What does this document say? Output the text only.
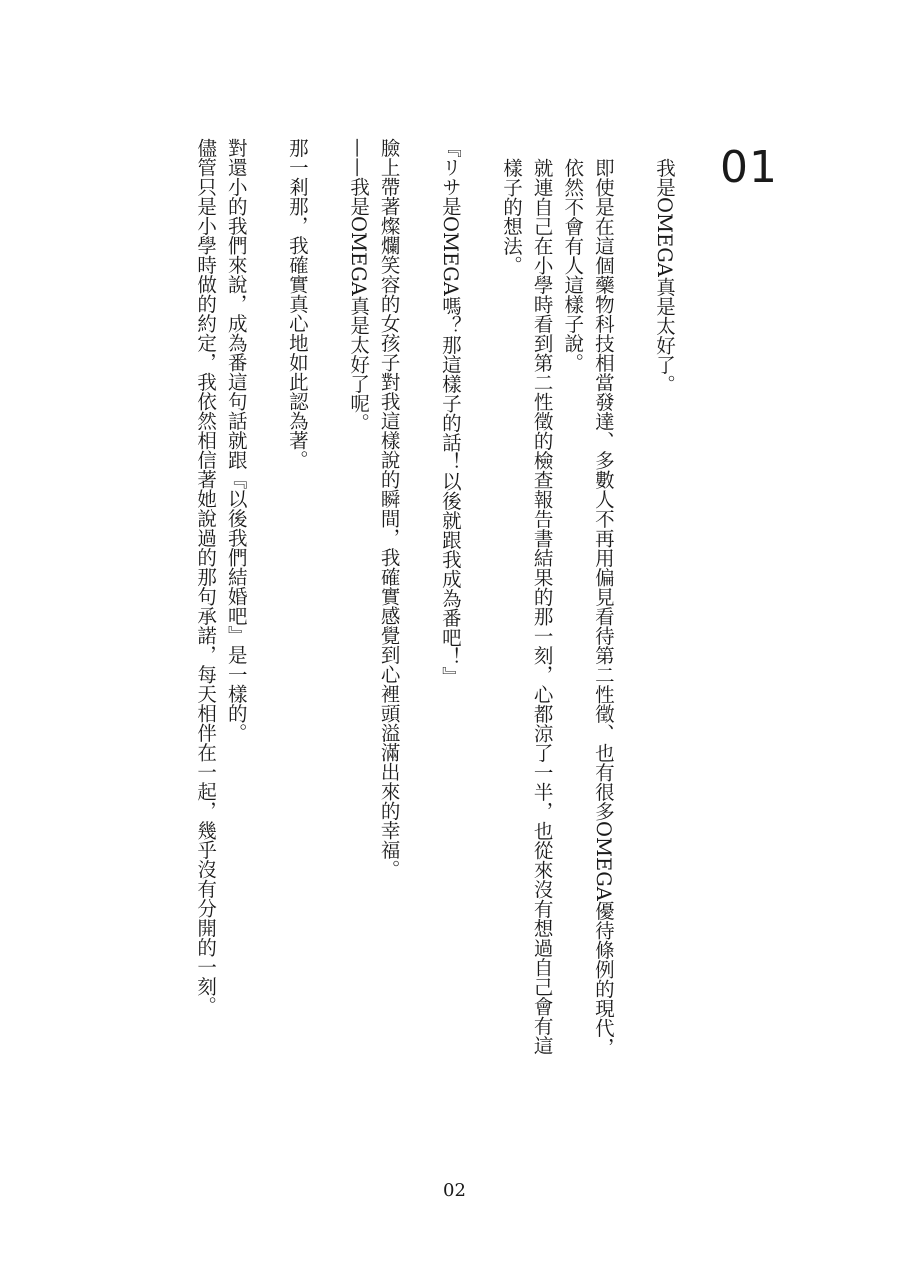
01

我是OMEGA真是太好了。

即使是在這個藥物科技相當發達、多數人不再用偏見看待第二性徵、也有很多OMEGA優待條例的現代，依然不會有人這樣子說。

就連自己在小學時看到第二性徵的檢查報告書結果的那一刻，心都涼了一半，也從來沒有想過自己會有這樣子的想法。

『リサ是OMEGA嗎？那這樣子的話！以後就跟我成為番吧！』

臉上帶著燦爛笑容的女孩子對我這樣說的瞬間，我確實感覺到心裡頭溢滿出來的幸福。

——我是OMEGA真是太好了呢。

那一剎那，我確實真心地如此認為著。

對還小的我們來說，成為番這句話就跟『以後我們結婚吧』是一樣的。

儘管只是小學時做的約定，我依然相信著她說過的那句承諾，每天相伴在一起，幾乎沒有分開的一刻。

02
